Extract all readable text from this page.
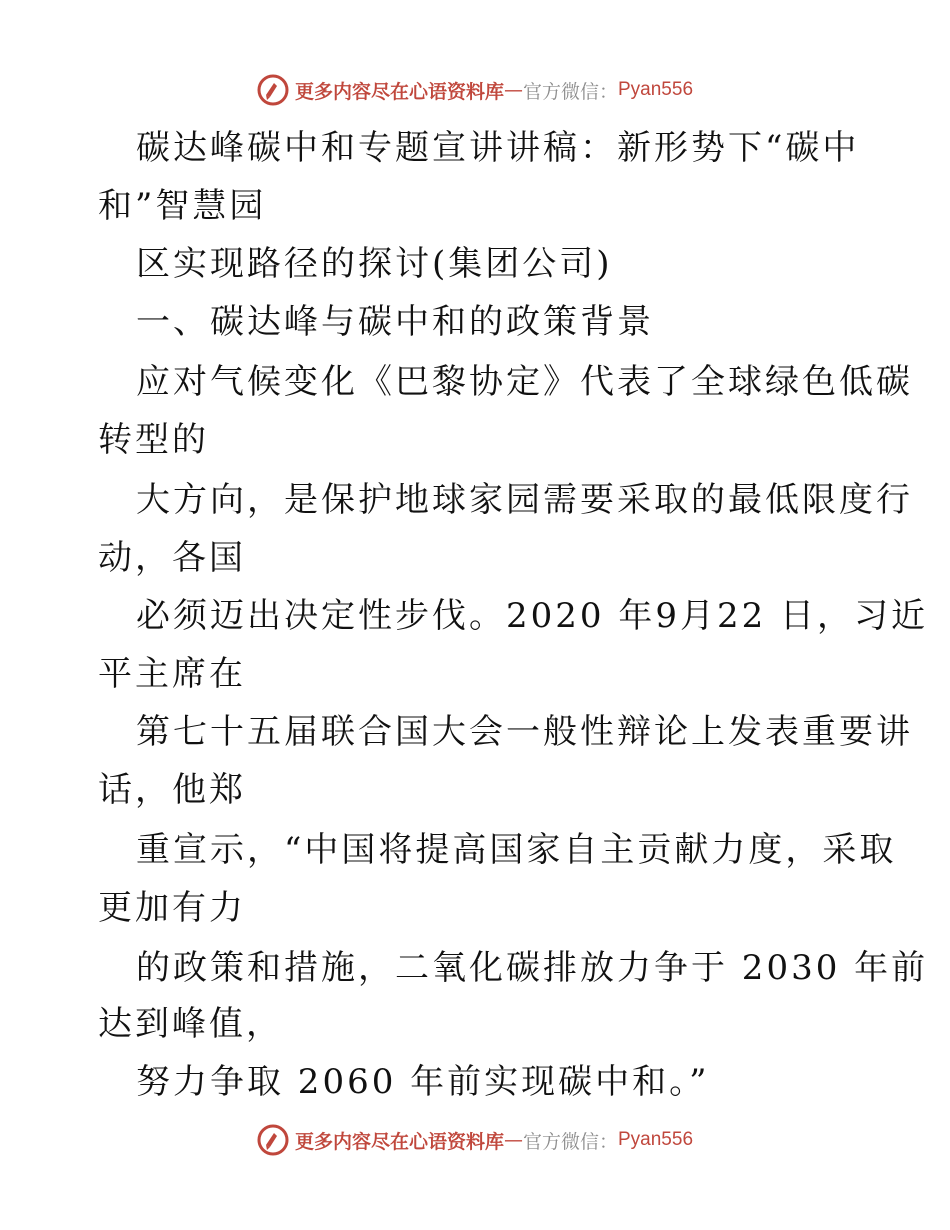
更多内容尽在心语资料库 — 官方微信： Pyan556
碳达峰碳中和专题宣讲讲稿：新形势下“碳中
和”智慧园
区实现路径的探讨(集团公司)
一、碳达峰与碳中和的政策背景
应对气候变化《巴黎协定》代表了全球绿色低碳
转型的
大方向，是保护地球家园需要采取的最低限度行
动，各国
必须迈出决定性步伐。2020 年9月22 日，习近
平主席在
第七十五届联合国大会一般性辩论上发表重要讲
话，他郑
重宣示，“中国将提高国家自主贡献力度，采取
更加有力
的政策和措施，二氧化碳排放力争于 2030 年前
达到峰值，
努力争取 2060 年前实现碳中和。”
更多内容尽在心语资料库 — 官方微信： Pyan556
